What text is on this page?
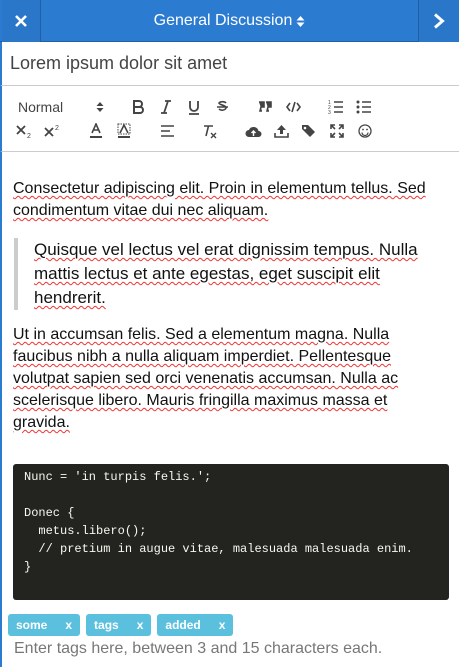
General Discussion
Lorem ipsum dolor sit amet
Normal	1
2
3
2
2

Consectetur adipiscing elit. Proin in elementum tellus. Sed condimentum vitae dui nec aliquam.

Quisque vel lectus vel erat dignissim tempus. Nulla mattis lectus et ante egestas, eget suscipit elit hendrerit.

Ut in accumsan felis. Sed a elementum magna. Nulla faucibus nibh a nulla aliquam imperdiet. Pellentesque volutpat sapien sed orci venenatis accumsan. Nulla ac scelerisque libero. Mauris fringilla maximus massa et gravida.

Nunc = 'in turpis felis.';

Donec {
metus.libero();
// pretium in augue vitae, malesuada malesuada enim.
}
some x tags x added x
Enter tags here, between 3 and 15 characters each.
